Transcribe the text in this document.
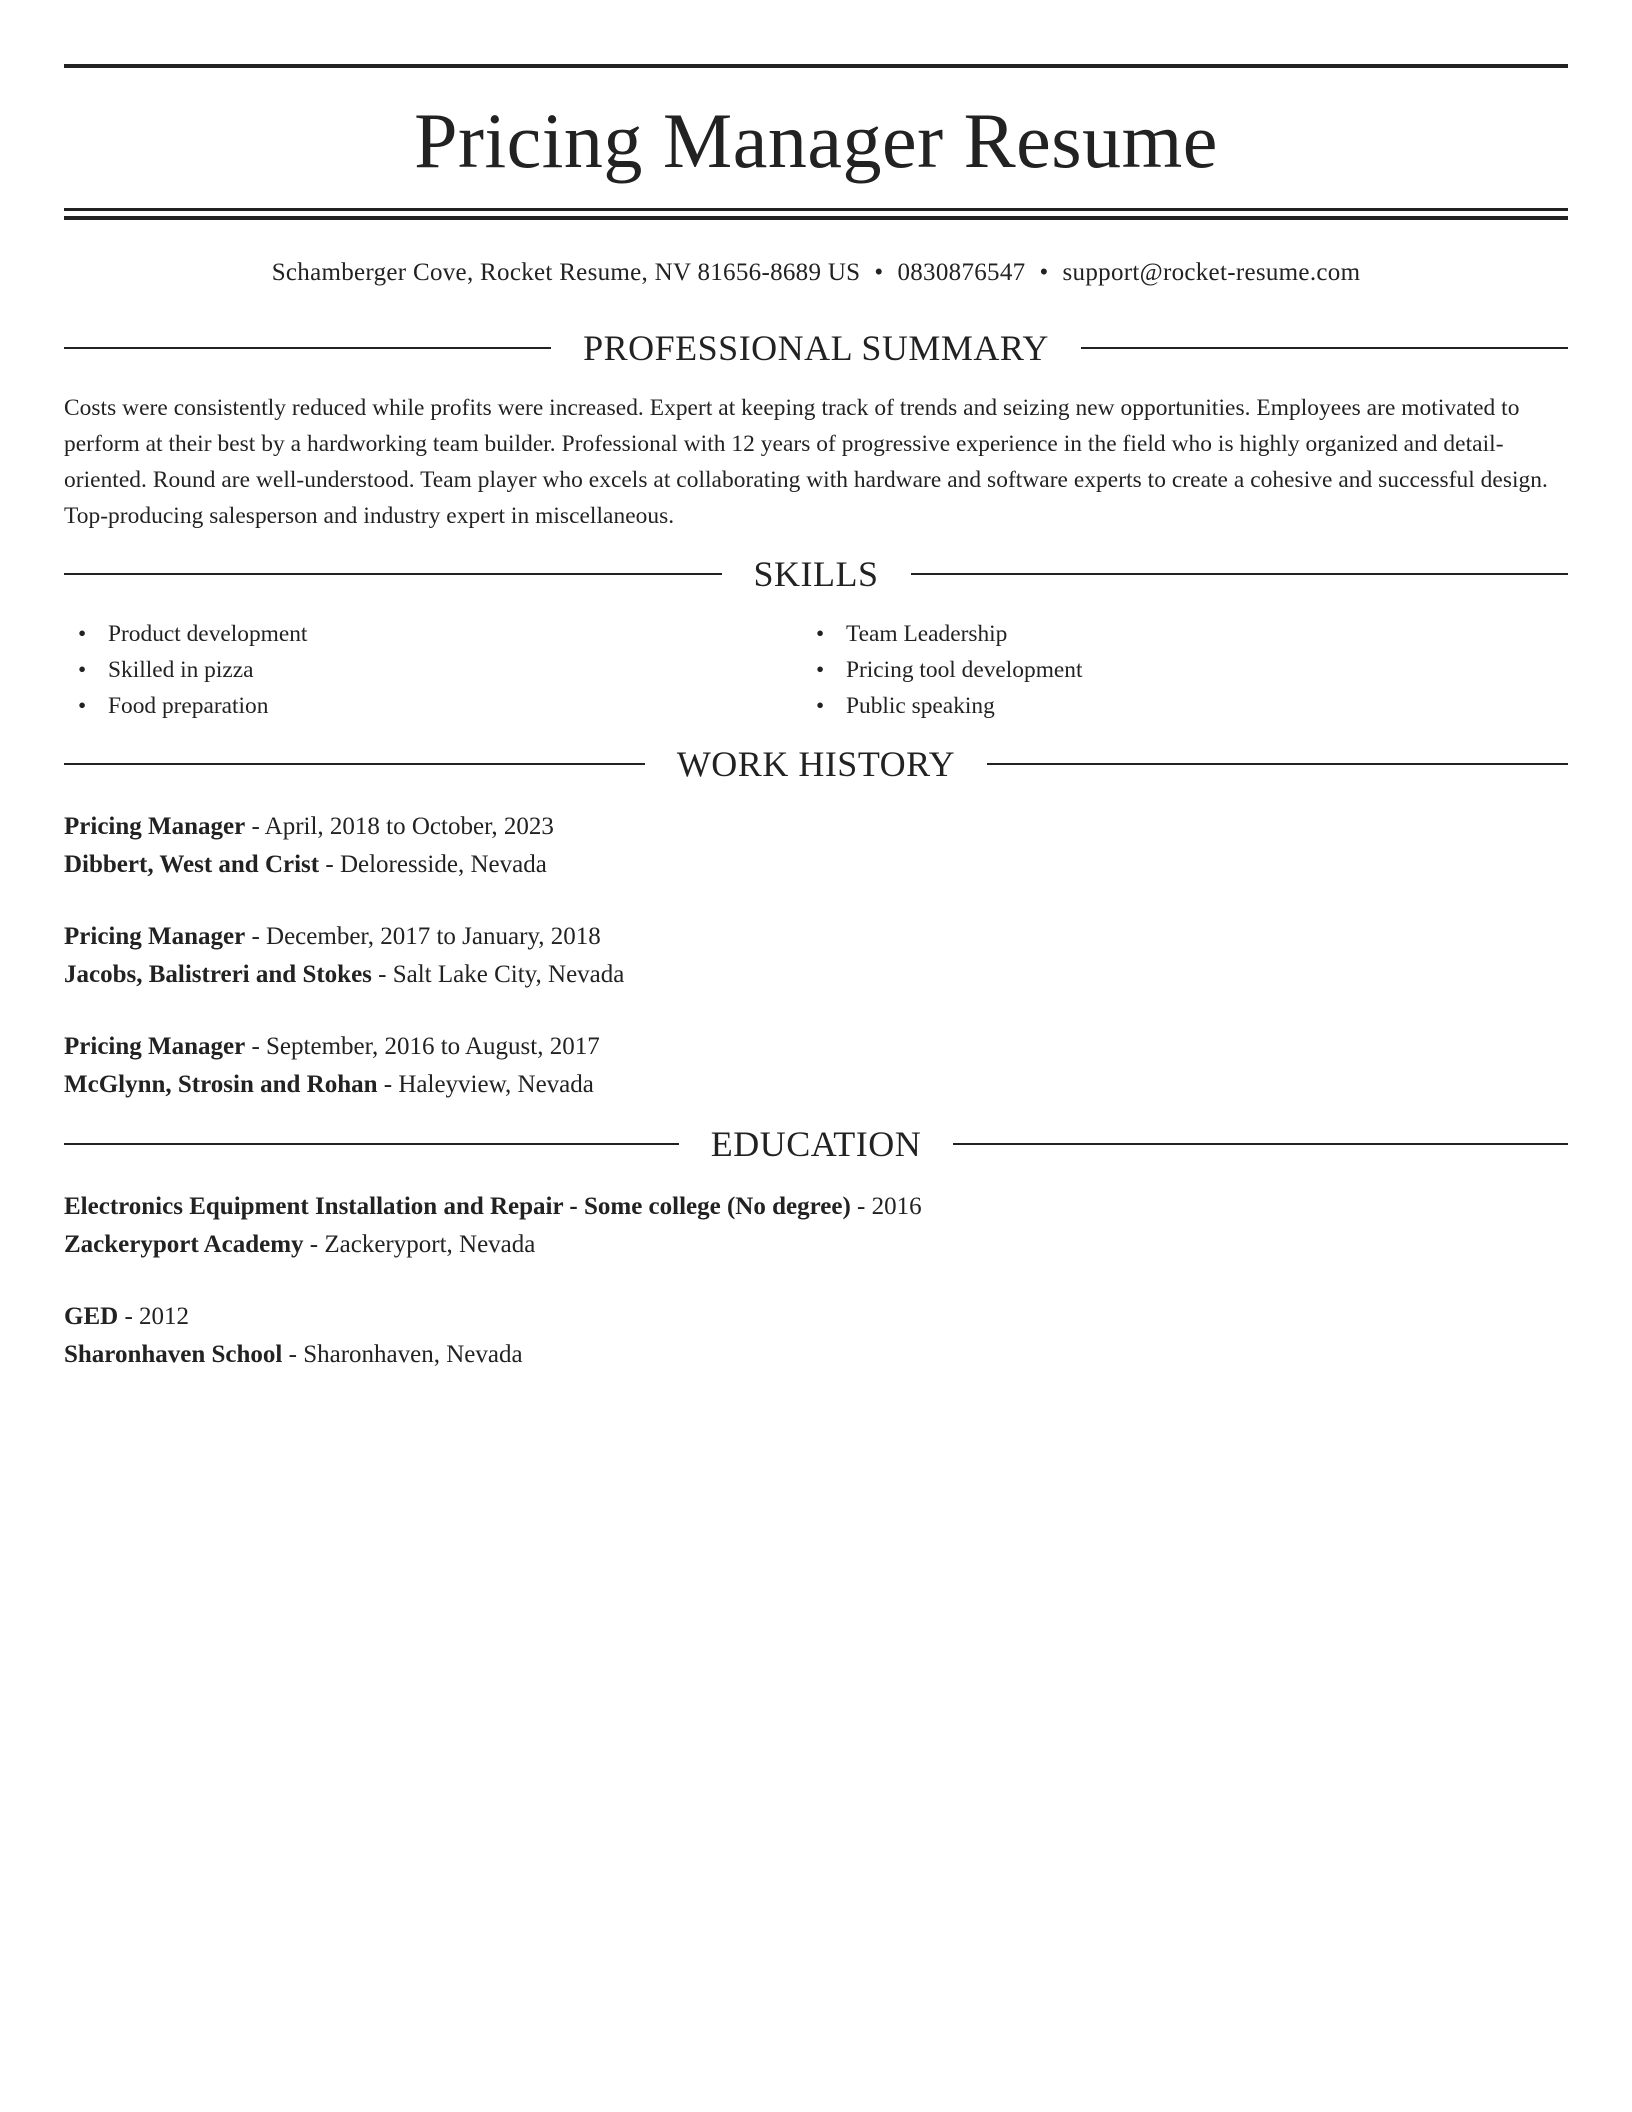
Pricing Manager Resume
Schamberger Cove, Rocket Resume, NV 81656-8689 US • 0830876547 • support@rocket-resume.com
PROFESSIONAL SUMMARY
Costs were consistently reduced while profits were increased. Expert at keeping track of trends and seizing new opportunities. Employees are motivated to perform at their best by a hardworking team builder. Professional with 12 years of progressive experience in the field who is highly organized and detail-oriented. Round are well-understood. Team player who excels at collaborating with hardware and software experts to create a cohesive and successful design. Top-producing salesperson and industry expert in miscellaneous.
SKILLS
• Product development
• Skilled in pizza
• Food preparation
• Team Leadership
• Pricing tool development
• Public speaking
WORK HISTORY
Pricing Manager - April, 2018 to October, 2023
Dibbert, West and Crist - Deloresside, Nevada
Pricing Manager - December, 2017 to January, 2018
Jacobs, Balistreri and Stokes - Salt Lake City, Nevada
Pricing Manager - September, 2016 to August, 2017
McGlynn, Strosin and Rohan - Haleyview, Nevada
EDUCATION
Electronics Equipment Installation and Repair - Some college (No degree) - 2016
Zackeryport Academy - Zackeryport, Nevada
GED - 2012
Sharonhaven School - Sharonhaven, Nevada
